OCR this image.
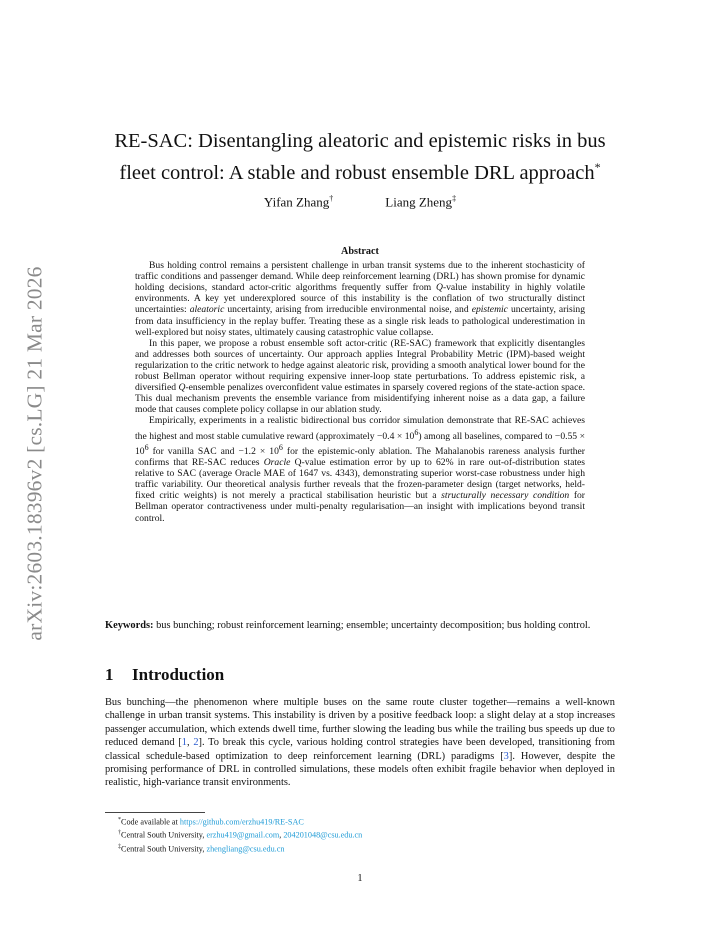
arXiv:2603.18396v2 [cs.LG] 21 Mar 2026
RE-SAC: Disentangling aleatoric and epistemic risks in bus
fleet control: A stable and robust ensemble DRL approach*
Yifan Zhang†	Liang Zheng‡
Abstract

Bus holding control remains a persistent challenge in urban transit systems due to the inherent stochasticity of traffic conditions and passenger demand. While deep reinforcement learning (DRL) has shown promise for dynamic holding decisions, standard actor-critic algorithms frequently suffer from Q-value instability in highly volatile environments. A key yet underexplored source of this instability is the conflation of two structurally distinct uncertainties: aleatoric uncertainty, arising from irreducible environmental noise, and epistemic uncertainty, arising from data insufficiency in the replay buffer. Treating these as a single risk leads to pathological underestimation in well-explored but noisy states, ultimately causing catastrophic value collapse.

In this paper, we propose a robust ensemble soft actor-critic (RE-SAC) framework that explicitly disentangles and addresses both sources of uncertainty. Our approach applies Integral Probability Metric (IPM)-based weight regularization to the critic network to hedge against aleatoric risk, providing a smooth analytical lower bound for the robust Bellman operator without requiring expensive inner-loop state perturbations. To address epistemic risk, a diversified Q-ensemble penalizes overconfident value estimates in sparsely covered regions of the state-action space. This dual mechanism prevents the ensemble variance from misidentifying inherent noise as a data gap, a failure mode that causes complete policy collapse in our ablation study.

Empirically, experiments in a realistic bidirectional bus corridor simulation demonstrate that RE-SAC achieves the highest and most stable cumulative reward (approximately $-0.4 \times 10^6$) among all baselines, compared to $-0.55 \times 10^6$ for vanilla SAC and $-1.2 \times 10^6$ for the epistemic-only ablation. The Mahalanobis rareness analysis further confirms that RE-SAC reduces Oracle Q-value estimation error by up to 62% in rare out-of-distribution states relative to SAC (average Oracle MAE of 1647 vs. 4343), demonstrating superior worst-case robustness under high traffic variability. Our theoretical analysis further reveals that the frozen-parameter design (target networks, held-fixed critic weights) is not merely a practical stabilisation heuristic but a structurally necessary condition for Bellman operator contractiveness under multi-penalty regularisation—an insight with implications beyond transit control.

Keywords: bus bunching; robust reinforcement learning; ensemble; uncertainty decomposition; bus holding control.
1 Introduction

Bus bunching—the phenomenon where multiple buses on the same route cluster together—remains a well-known challenge in urban transit systems. This instability is driven by a positive feedback loop: a slight delay at a stop increases passenger accumulation, which extends dwell time, further slowing the leading bus while the trailing bus speeds up due to reduced demand [1, 2]. To break this cycle, various holding control strategies have been developed, transitioning from classical schedule-based optimization to deep reinforcement learning (DRL) paradigms [3]. However, despite the promising performance of DRL in controlled simulations, these models often exhibit fragile behavior when deployed in realistic, high-variance transit environments.

*Code available at https://github.com/erzhu419/RE-SAC
†Central South University, erzhu419@gmail.com, 204201048@csu.edu.cn
‡Central South University, zhengliang@csu.edu.cn
1
